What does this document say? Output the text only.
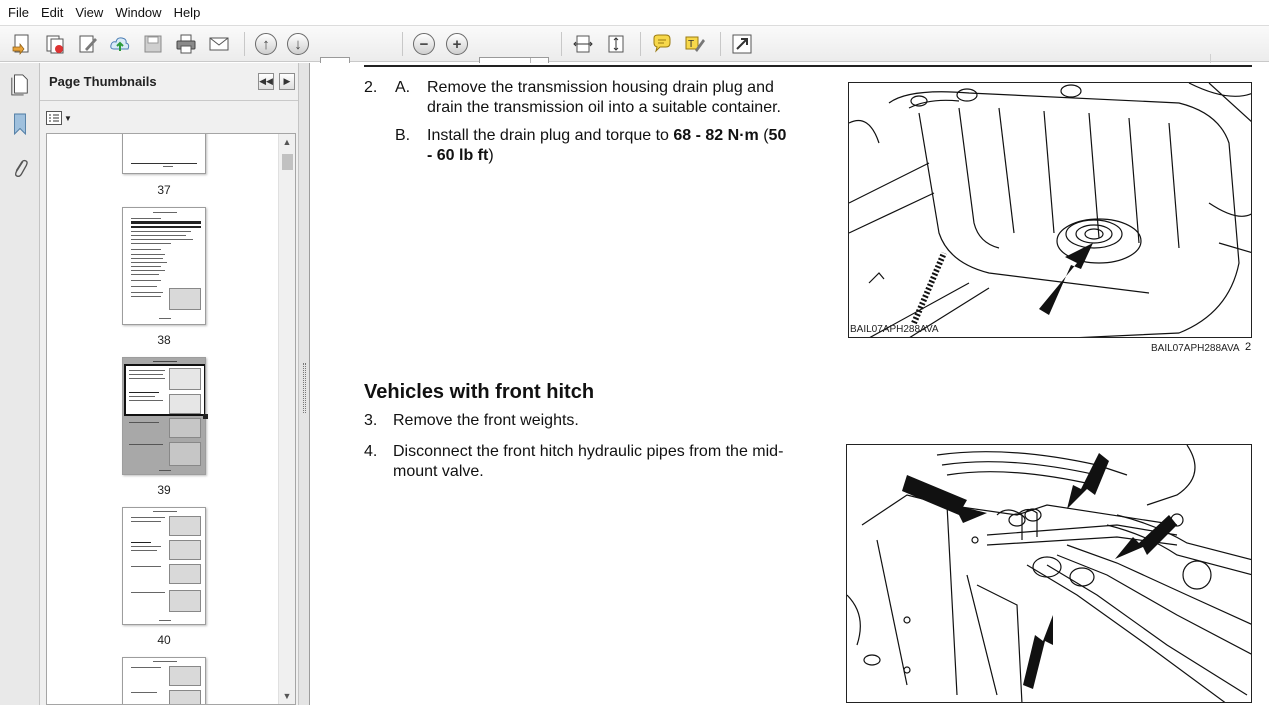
File Edit View Window Help
↑	↓
39	−	+
114%	T
Page Thumbnails	◀◀	▶
▼
37
38
39
40
▲
▼
2. A. Remove the transmission housing drain plug and
drain the transmission oil into a suitable container.
B. Install the drain plug and torque to 68 - 82 N·m (50
- 60 lb ft)
BAIL07APH288AVA
BAIL07APH288AVA 2
Vehicles with front hitch
3. Remove the front weights.
4. Disconnect the front hitch hydraulic pipes from the mid-
mount valve.
